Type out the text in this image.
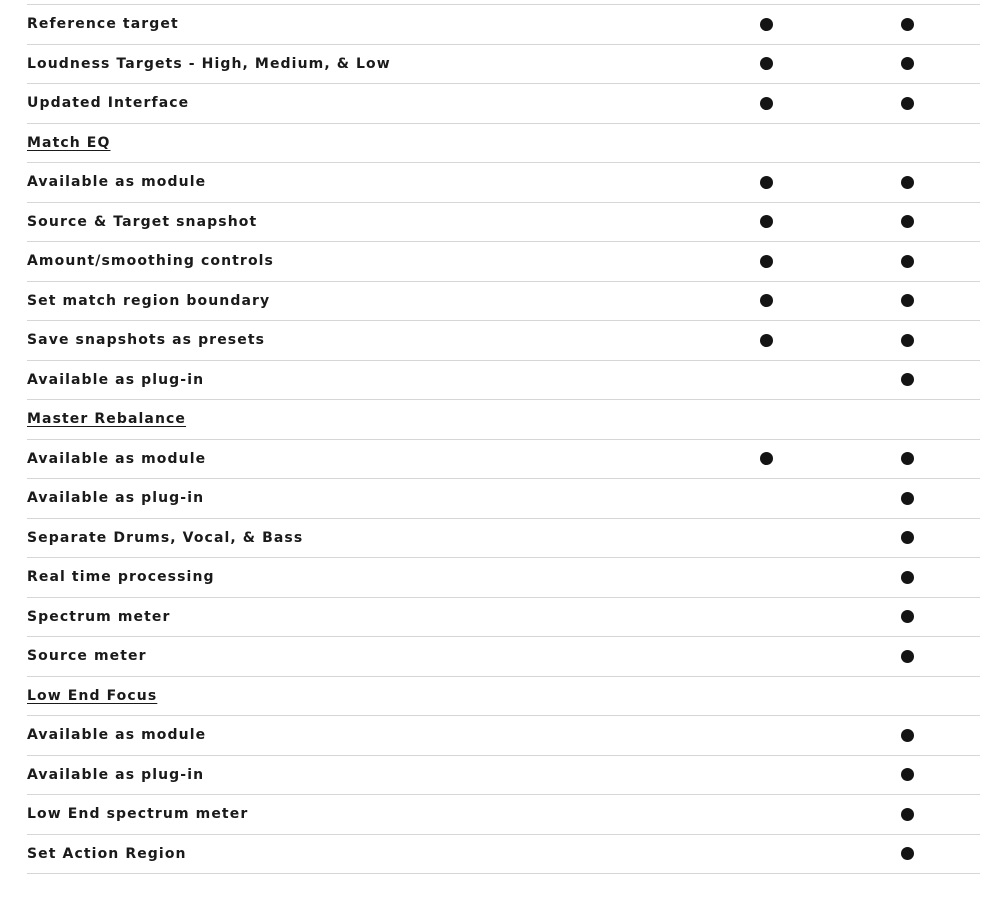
Reference target
Loudness Targets - High, Medium, & Low
Updated Interface
Match EQ
Available as module
Source & Target snapshot
Amount/smoothing controls
Set match region boundary
Save snapshots as presets
Available as plug-in
Master Rebalance
Available as module
Available as plug-in
Separate Drums, Vocal, & Bass
Real time processing
Spectrum meter
Source meter
Low End Focus
Available as module
Available as plug-in
Low End spectrum meter
Set Action Region
